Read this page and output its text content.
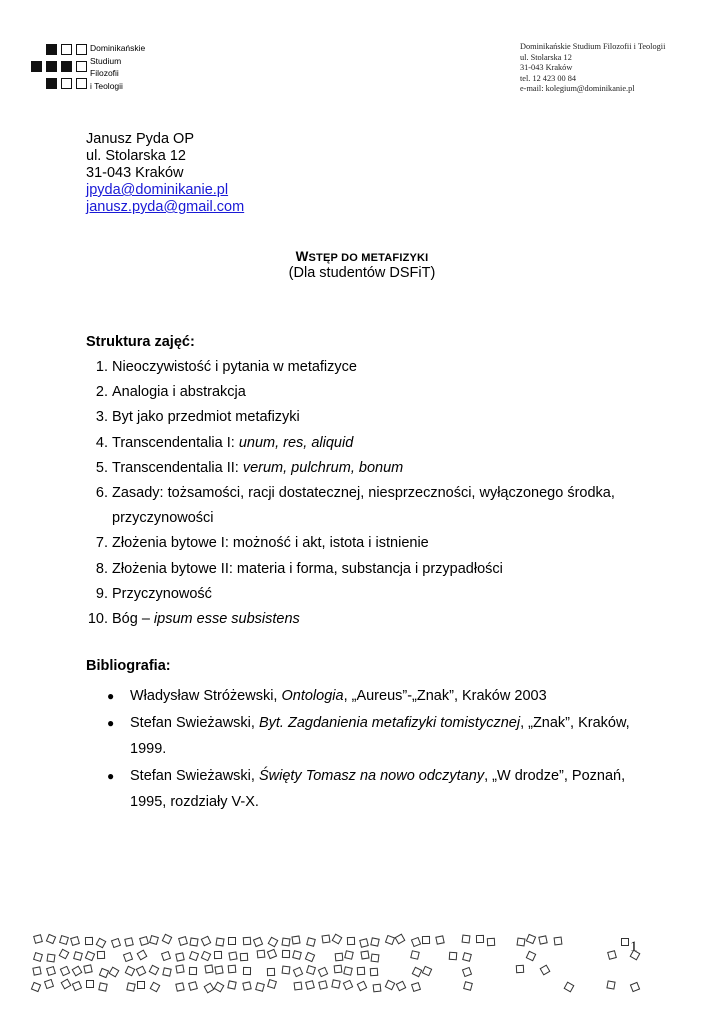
Dominikańskie
Studium
Filozofii
i Teologii
Dominikańskie Studium Filozofii i Teologii
ul. Stolarska 12
31-043 Kraków
tel. 12 423 00 84
e-mail: kolegium@dominikanie.pl
Janusz Pyda OP
ul. Stolarska 12
31-043 Kraków
jpyda@dominikanie.pl
janusz.pyda@gmail.com
WSTĘP DO METAFIZYKI
(Dla studentów DSFiT)
Struktura zajęć:
1. Nieoczywistość i pytania w metafizyce
2. Analogia i abstrakcja
3. Byt jako przedmiot metafizyki
4. Transcendentalia I: unum, res, aliquid
5. Transcendentalia II: verum, pulchrum, bonum
6. Zasady: tożsamości, racji dostatecznej, niesprzeczności, wyłączonego środka, przyczynowości
7. Złożenia bytowe I: możność i akt, istota i istnienie
8. Złożenia bytowe II: materia i forma, substancja i przypadłości
9. Przyczynowość
10. Bóg – ipsum esse subsistens
Bibliografia:
● Władysław Stróżewski, Ontologia, „Aureus”-„Znak”, Kraków 2003
● Stefan Swieżawski, Byt. Zagdanienia metafizyki tomistycznej, „Znak”, Kraków, 1999.
● Stefan Swieżawski, Święty Tomasz na nowo odczytany, „W drodze”, Poznań, 1995, rozdziały V-X.
1
